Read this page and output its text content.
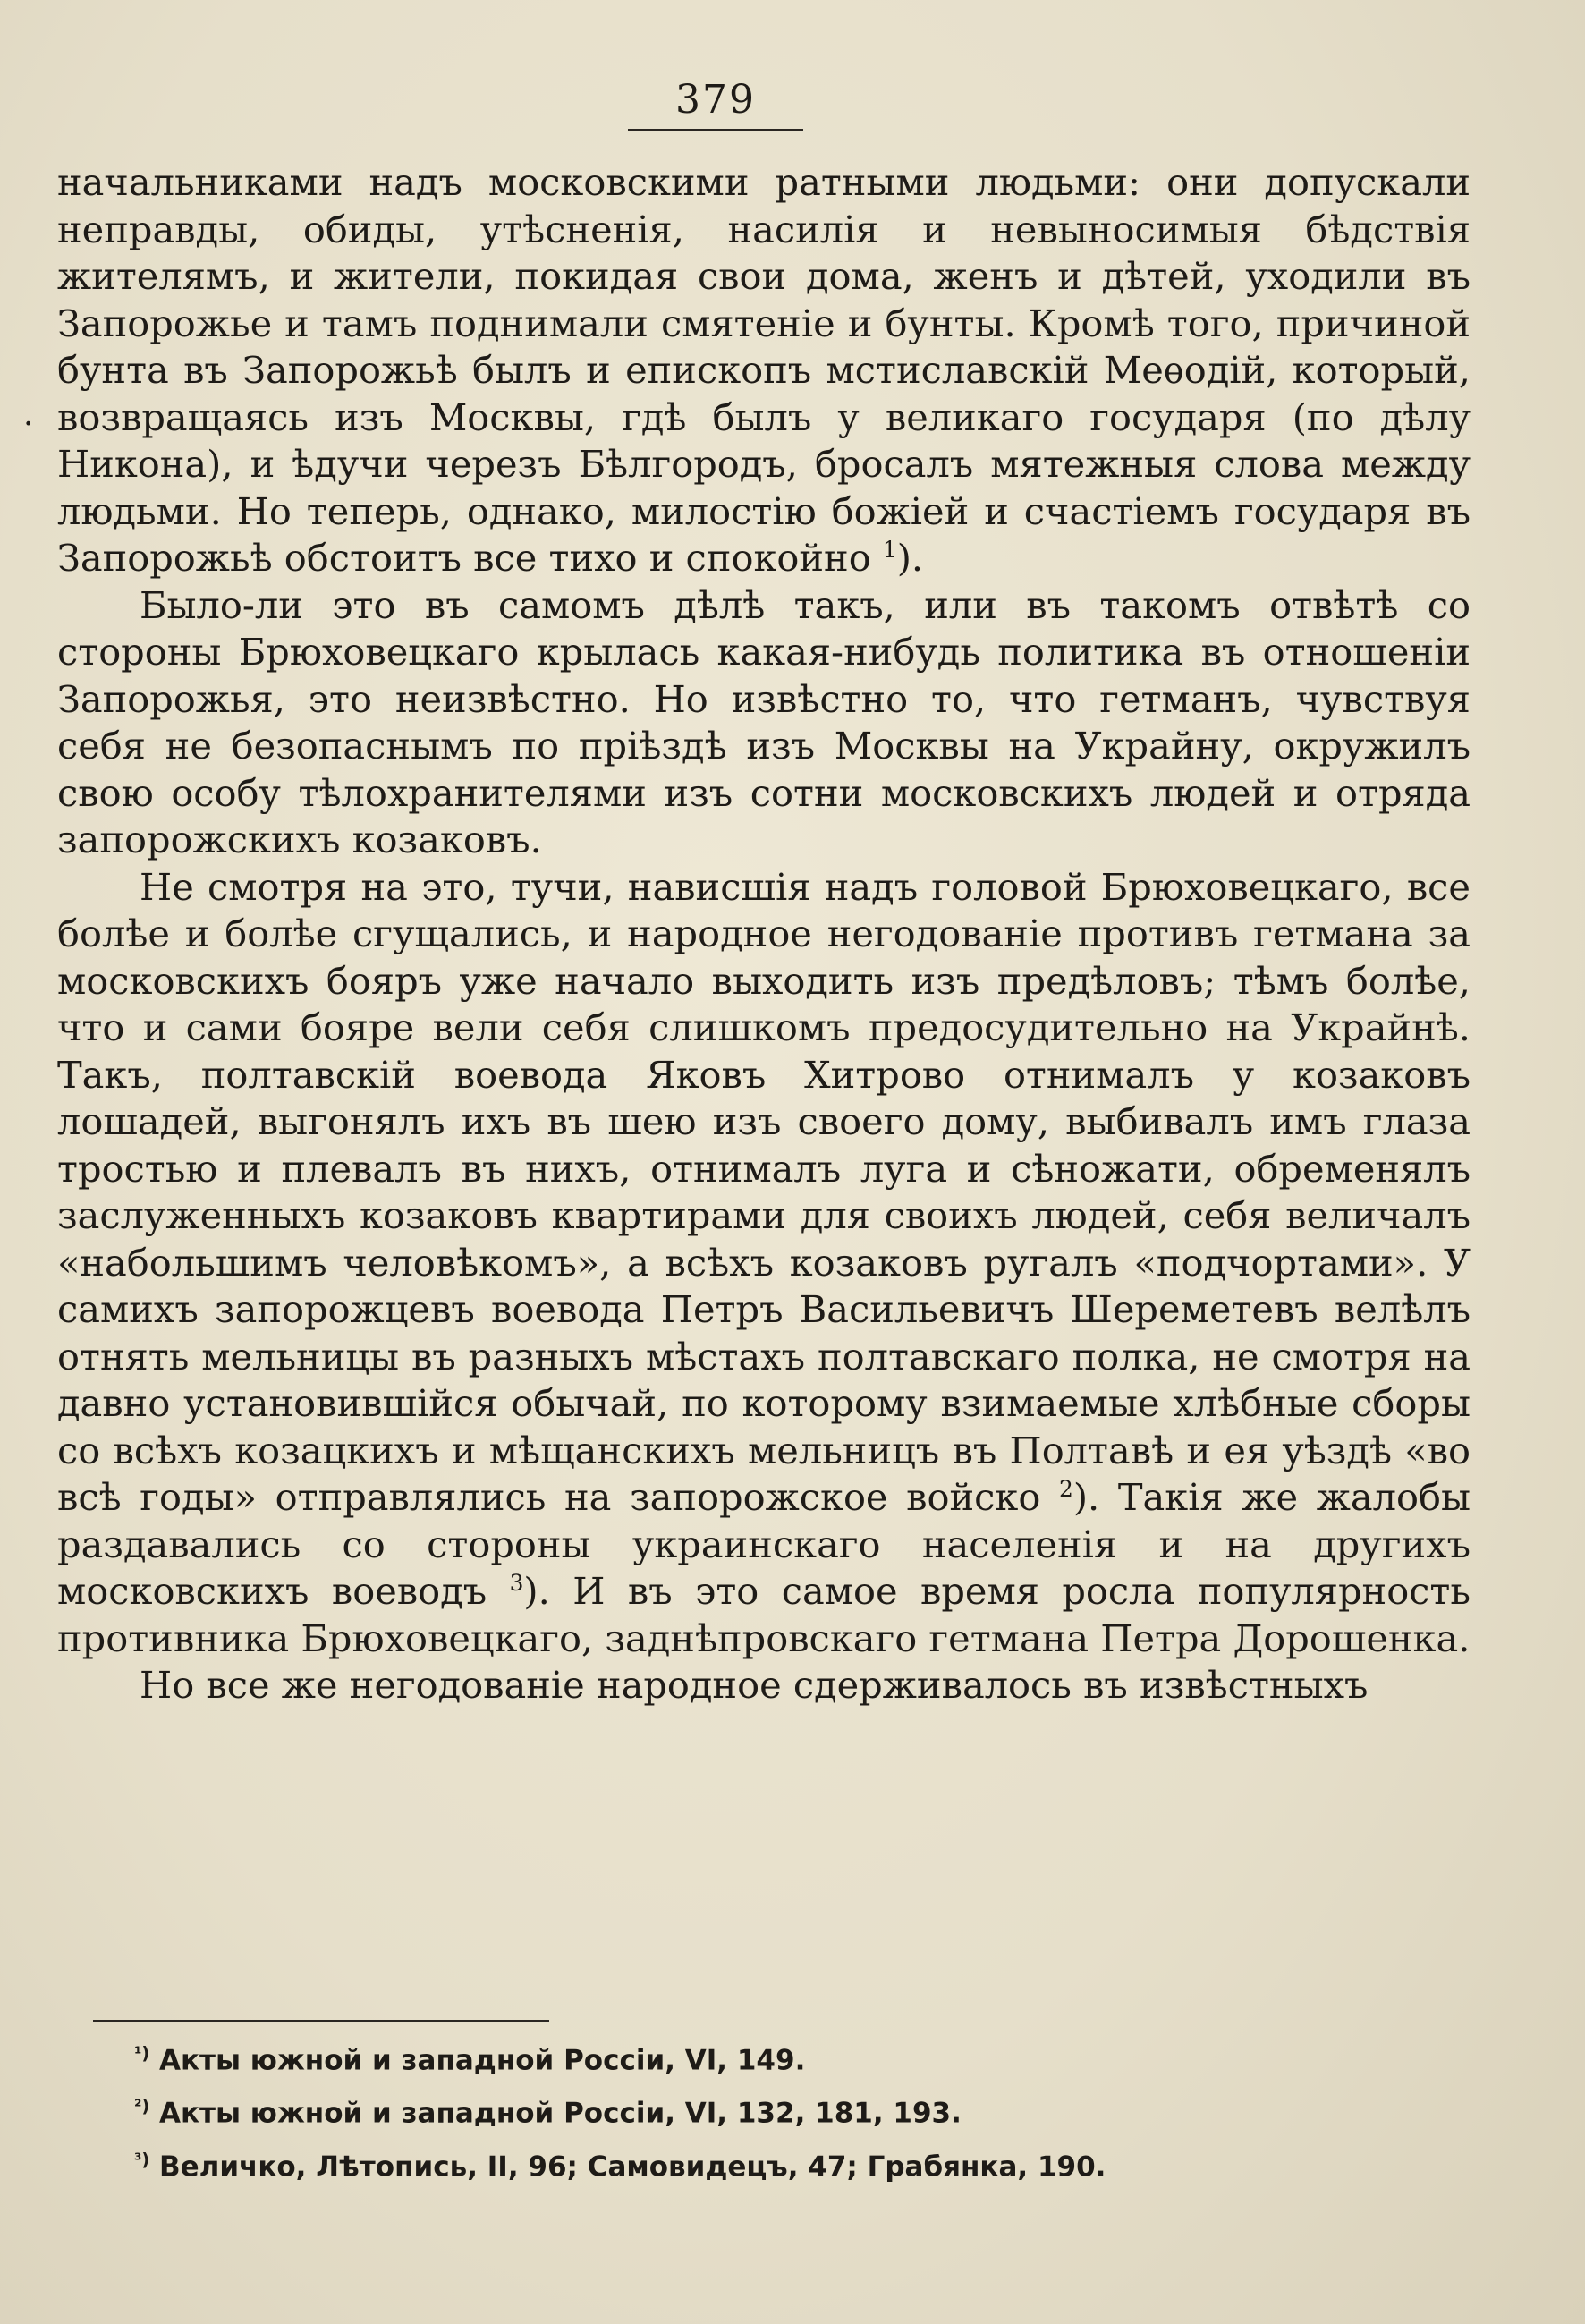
379
·

начальниками надъ московскими ратными людьми: они допускали неправды, обиды, утѣсненія, насилія и невыносимыя бѣдствія жителямъ, и жители, покидая свои дома, женъ и дѣтей, уходили въ Запорожье и тамъ поднимали смятеніе и бунты. Кромѣ того, причиной бунта въ Запорожьѣ былъ и епископъ мстиславскій Меѳодій, который, возвращаясь изъ Москвы, гдѣ былъ у великаго государя (по дѣлу Никона), и ѣдучи черезъ Бѣлгородъ, бросалъ мятежныя слова между людьми. Но теперь, однако, милостію божіей и счастіемъ государя въ Запорожьѣ обстоитъ все тихо и спокойно $^1$).

Было-ли это въ самомъ дѣлѣ такъ, или въ такомъ отвѣтѣ со стороны Брюховецкаго крылась какая-нибудь политика въ отношеніи Запорожья, это неизвѣстно. Но извѣстно то, что гетманъ, чувствуя себя не безопаснымъ по пріѣздѣ изъ Москвы на Украйну, окружилъ свою особу тѣлохранителями изъ сотни московскихъ людей и отряда запорожскихъ козаковъ.

Не смотря на это, тучи, нависшія надъ головой Брюховецкаго, все болѣе и болѣе сгущались, и народное негодованіе противъ гетмана за московскихъ бояръ уже начало выходить изъ предѣловъ; тѣмъ болѣе, что и сами бояре вели себя слишкомъ предосудительно на Украйнѣ. Такъ, полтавскій воевода Яковъ Хитрово отнималъ у козаковъ лошадей, выгонялъ ихъ въ шею изъ своего дому, выбивалъ имъ глаза тростью и плевалъ въ нихъ, отнималъ луга и сѣножати, обременялъ заслуженныхъ козаковъ квартирами для своихъ людей, себя величалъ «набольшимъ человѣкомъ», а всѣхъ козаковъ ругалъ «подчортами». У самихъ запорожцевъ воевода Петръ Васильевичъ Шереметевъ велѣлъ отнять мельницы въ разныхъ мѣстахъ полтавскаго полка, не смотря на давно установившійся обычай, по которому взимаемые хлѣбные сборы со всѣхъ козацкихъ и мѣщанскихъ мельницъ въ Полтавѣ и ея уѣздѣ «во всѣ годы» отправлялись на запорожское войско $^2$). Такія же жалобы раздавались со стороны украинскаго населенія и на другихъ московскихъ воеводъ $^3$). И въ это самое время росла популярность противника Брюховецкаго, заднѣпровскаго гетмана Петра Дорошенка.

Но все же негодованіе народное сдерживалось въ извѣстныхъ

$^{^1)}$ Акты южной и западной Россіи, VI, 149.
$^{^2)}$ Акты южной и западной Россіи, VI, 132, 181, 193.
$^{^3)}$ Величко, Лѣтопись, II, 96; Самовидецъ, 47; Грабянка, 190.
